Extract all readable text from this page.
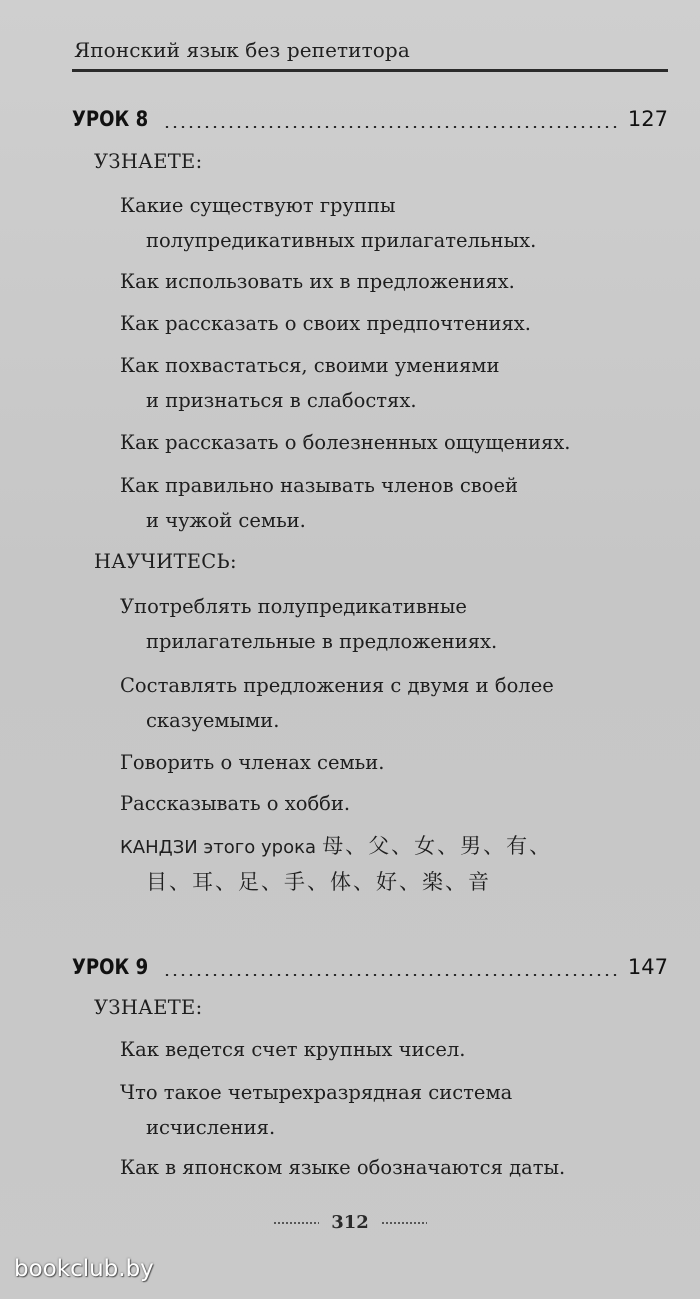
Японский язык без репетитора
УРОК 8	127
УЗНАЕТЕ:
Какие существуют группы
полупредикативных прилагательных.
Как использовать их в предложениях.
Как рассказать о своих предпочтениях.
Как похвастаться, своими умениями
и признаться в слабостях.
Как рассказать о болезненных ощущениях.
Как правильно называть членов своей
и чужой семьи.
НАУЧИТЕСЬ:
Употреблять полупредикативные
прилагательные в предложениях.
Составлять предложения с двумя и более
сказуемыми.
Говорить о членах семьи.
Рассказывать о хобби.
КАНДЗИ этого урока 母、父、女、男、有、
目、耳、足、手、体、好、楽、音
УРОК 9	147
УЗНАЕТЕ:
Как ведется счет крупных чисел.
Что такое четырехразрядная система
исчисления.
Как в японском языке обозначаются даты.
312
bookclub.by
